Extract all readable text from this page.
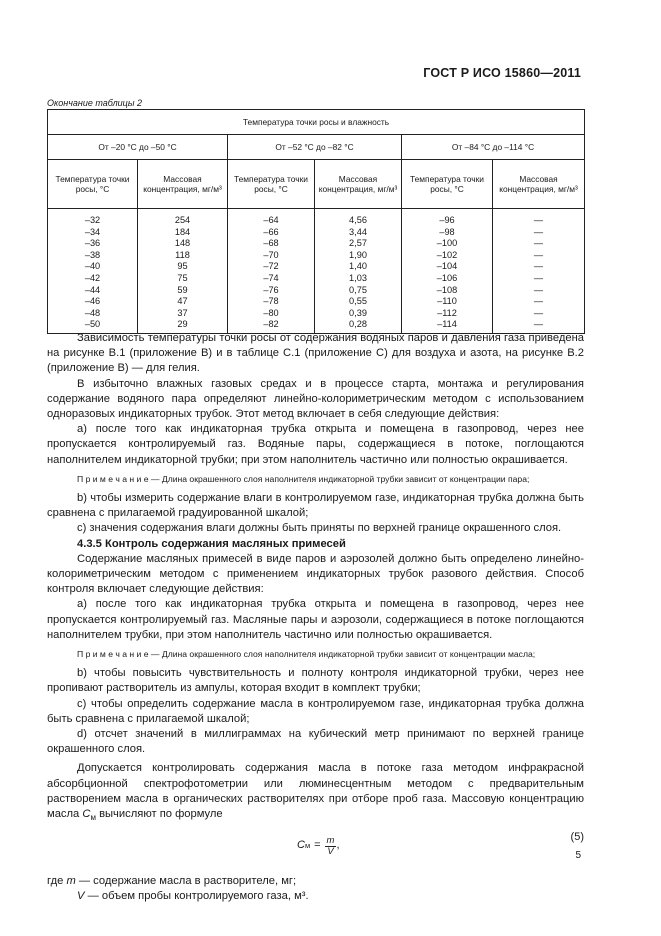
ГОСТ Р ИСО 15860—2011
Окончание таблицы 2
Температура точки росы и влажность					
От –20 °С до –50 °С		От –52 °С до –82 °С		От –84 °С до –114 °С	
Температура точки росы, °С	Массовая концентрация, мг/м³	Температура точки росы, °С	Массовая концентрация, мг/м³	Температура точки росы, °С	Массовая концентрация, мг/м³
–32	254	–64	4,56	–96	—
–34	184	–66	3,44	–98	—
–36	148	–68	2,57	–100	—
–38	118	–70	1,90	–102	—
–40	95	–72	1,40	–104	—
–42	75	–74	1,03	–106	—
–44	59	–76	0,75	–108	—
–46	47	–78	0,55	–110	—
–48	37	–80	0,39	–112	—
–50	29	–82	0,28	–114	—

Зависимость температуры точки росы от содержания водяных паров и давления газа приведена на рисунке В.1 (приложение В) и в таблице С.1 (приложение С) для воздуха и азота, на рисунке В.2 (приложение В) — для гелия.

В избыточно влажных газовых средах и в процессе старта, монтажа и регулирования содержание водяного пара определяют линейно-колориметрическим методом с использованием одноразовых индикаторных трубок. Этот метод включает в себя следующие действия:

а) после того как индикаторная трубка открыта и помещена в газопровод, через нее пропускается контролируемый газ. Водяные пары, содержащиеся в потоке, поглощаются наполнителем индикаторной трубки; при этом наполнитель частично или полностью окрашивается.

П р и м е ч а н и е — Длина окрашенного слоя наполнителя индикаторной трубки зависит от концентрации пара;

b) чтобы измерить содержание влаги в контролируемом газе, индикаторная трубка должна быть сравнена с прилагаемой градуированной шкалой;

c) значения содержания влаги должны быть приняты по верхней границе окрашенного слоя.

4.3.5 Контроль содержания масляных примесей

Содержание масляных примесей в виде паров и аэрозолей должно быть определено линейно-колориметрическим методом с применением индикаторных трубок разового действия. Способ контроля включает следующие действия:

а) после того как индикаторная трубка открыта и помещена в газопровод, через нее пропускается контролируемый газ. Масляные пары и аэрозоли, содержащиеся в потоке поглощаются наполнителем трубки, при этом наполнитель частично или полностью окрашивается.

П р и м е ч а н и е — Длина окрашенного слоя наполнителя индикаторной трубки зависит от концентрации масла;

b) чтобы повысить чувствительность и полноту контроля индикаторной трубки, через нее пропивают растворитель из ампулы, которая входит в комплект трубки;

c) чтобы определить содержание масла в контролируемом газе, индикаторная трубка должна быть сравнена с прилагаемой шкалой;

d) отсчет значений в миллиграммах на кубический метр принимают по верхней границе окрашенного слоя.

Допускается контролировать содержания масла в потоке газа методом инфракрасной абсорбционной спектрофотометрии или люминесцентным методом с предварительным растворением масла в органических растворителях при отборе проб газа. Массовую концентрацию масла $C_м$ вычисляют по формуле

C $м = \frac{m}{V}$ ,
(5)

где m — содержание масла в растворителе, мг;

V — объем пробы контролируемого газа, м³.

5
